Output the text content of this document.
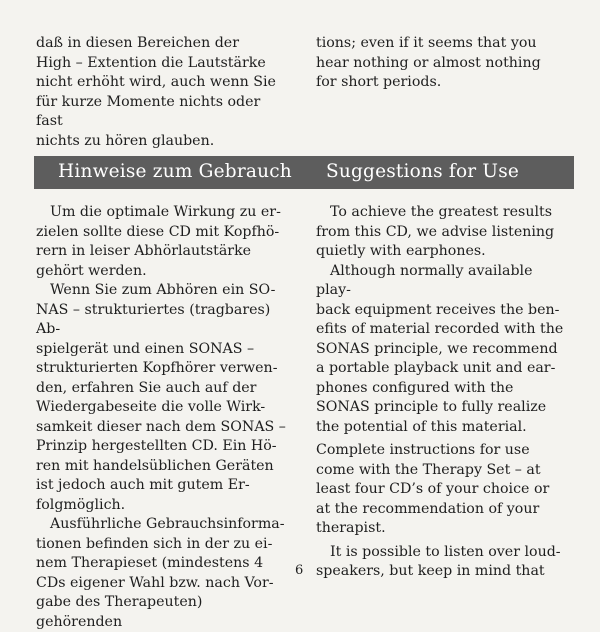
daß in diesen Bereichen der
High – Extention die Lautstärke
nicht erhöht wird, auch wenn Sie
für kurze Momente nichts oder fast
nichts zu hören glauben.

tions; even if it seems that you
hear nothing or almost nothing
for short periods.

Hinweise zum Gebrauch Suggestions for Use

Um die optimale Wirkung zu er-
zielen sollte diese CD mit Kopfhö-
rern in leiser Abhörlautstärke
gehört werden.

Wenn Sie zum Abhören ein SO-
NAS – strukturiertes (tragbares) Ab-
spielgerät und einen SONAS –
strukturierten Kopfhörer verwen-
den, erfahren Sie auch auf der
Wiedergabeseite die volle Wirk-
samkeit dieser nach dem SONAS –
Prinzip hergestellten CD. Ein Hö-
ren mit handelsüblichen Geräten
ist jedoch auch mit gutem Er-
folgmöglich.

Ausführliche Gebrauchsinforma-
tionen befinden sich in der zu ei-
nem Therapieset (mindestens 4
CDs eigener Wahl bzw. nach Vor-
gabe des Therapeuten) gehörenden

To achieve the greatest results
from this CD, we advise listening
quietly with earphones.

Although normally available play-
back equipment receives the ben-
efits of material recorded with the
SONAS principle, we recommend
a portable playback unit and ear-
phones configured with the
SONAS principle to fully realize
the potential of this material.

Complete instructions for use
come with the Therapy Set – at
least four CD’s of your choice or
at the recommendation of your
therapist.

It is possible to listen over loud-
speakers, but keep in mind that

6
